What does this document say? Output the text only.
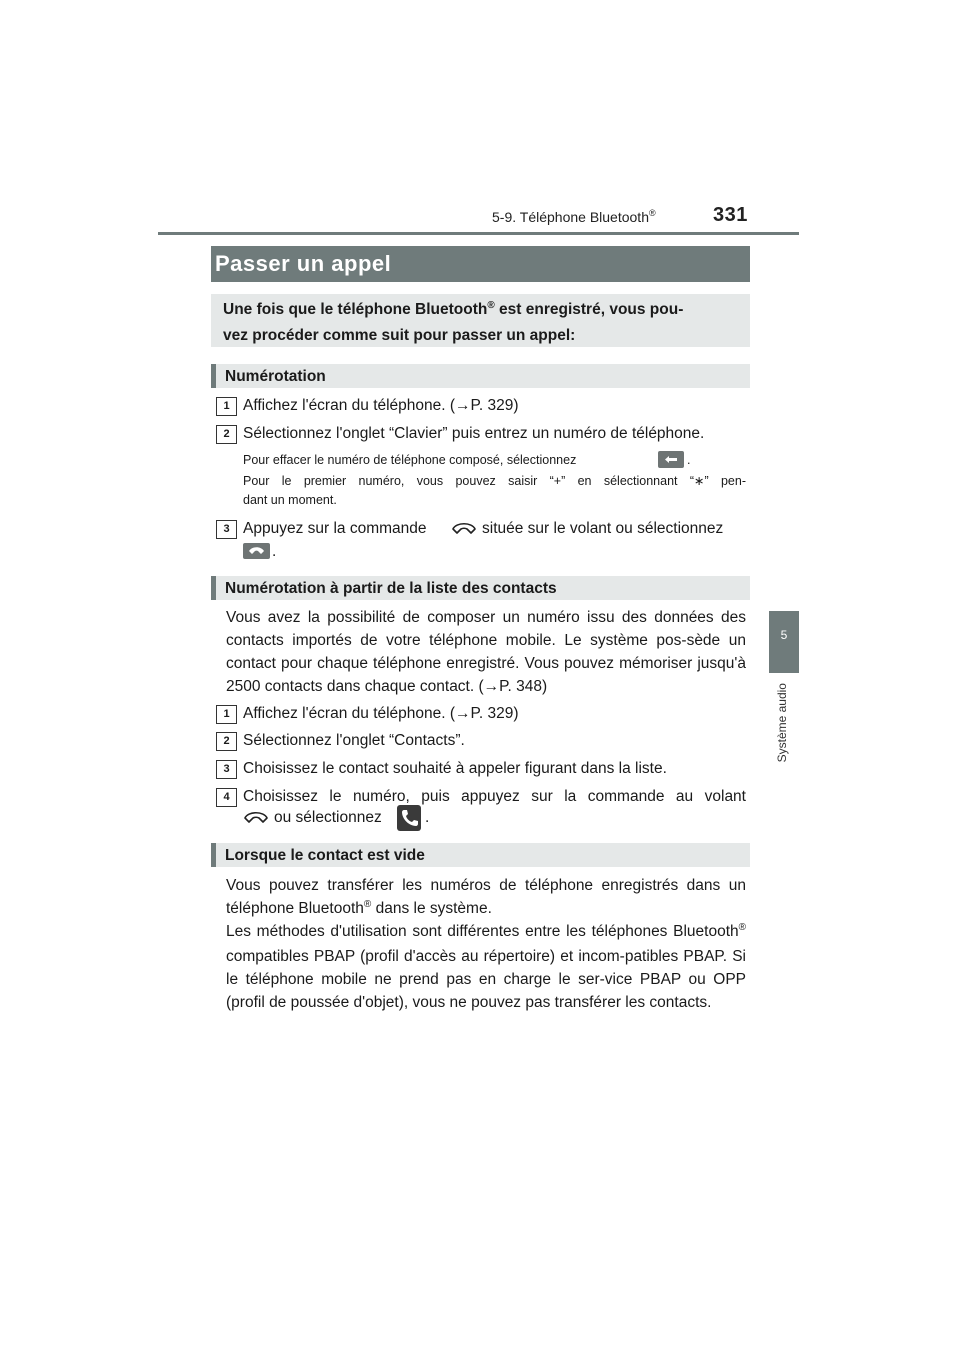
5-9. Téléphone Bluetooth®	331
5
Système audio
Passer un appel
Une fois que le téléphone Bluetooth® est enregistré, vous pou-
vez procéder comme suit pour passer un appel:
Numérotation
1 Affichez l'écran du téléphone. (→P. 329)
2 Sélectionnez l'onglet “Clavier” puis entrez un numéro de téléphone.
Pour effacer le numéro de téléphone composé, sélectionnez	.
Pour le premier numéro, vous pouvez saisir “+” en sélectionnant “∗” pen-
dant un moment.
3 Appuyez sur la commande	située sur le volant ou sélectionnez
.
Numérotation à partir de la liste des contacts
Vous avez la possibilité de composer un numéro issu des données des contacts importés de votre téléphone mobile. Le système pos-sède un contact pour chaque téléphone enregistré. Vous pouvez mémoriser jusqu'à 2500 contacts dans chaque contact. (→P. 348)
1 Affichez l'écran du téléphone. (→P. 329)
2 Sélectionnez l'onglet “Contacts”.
3 Choisissez le contact souhaité à appeler figurant dans la liste.
4 Choisissez le numéro, puis appuyez sur la commande au volant
ou sélectionnez	.
Lorsque le contact est vide
Vous pouvez transférer les numéros de téléphone enregistrés dans un téléphone Bluetooth® dans le système.
Les méthodes d'utilisation sont différentes entre les téléphones Bluetooth® compatibles PBAP (profil d'accès au répertoire) et incom-patibles PBAP. Si le téléphone mobile ne prend pas en charge le ser-vice PBAP ou OPP (profil de poussée d'objet), vous ne pouvez pas transférer les contacts.
